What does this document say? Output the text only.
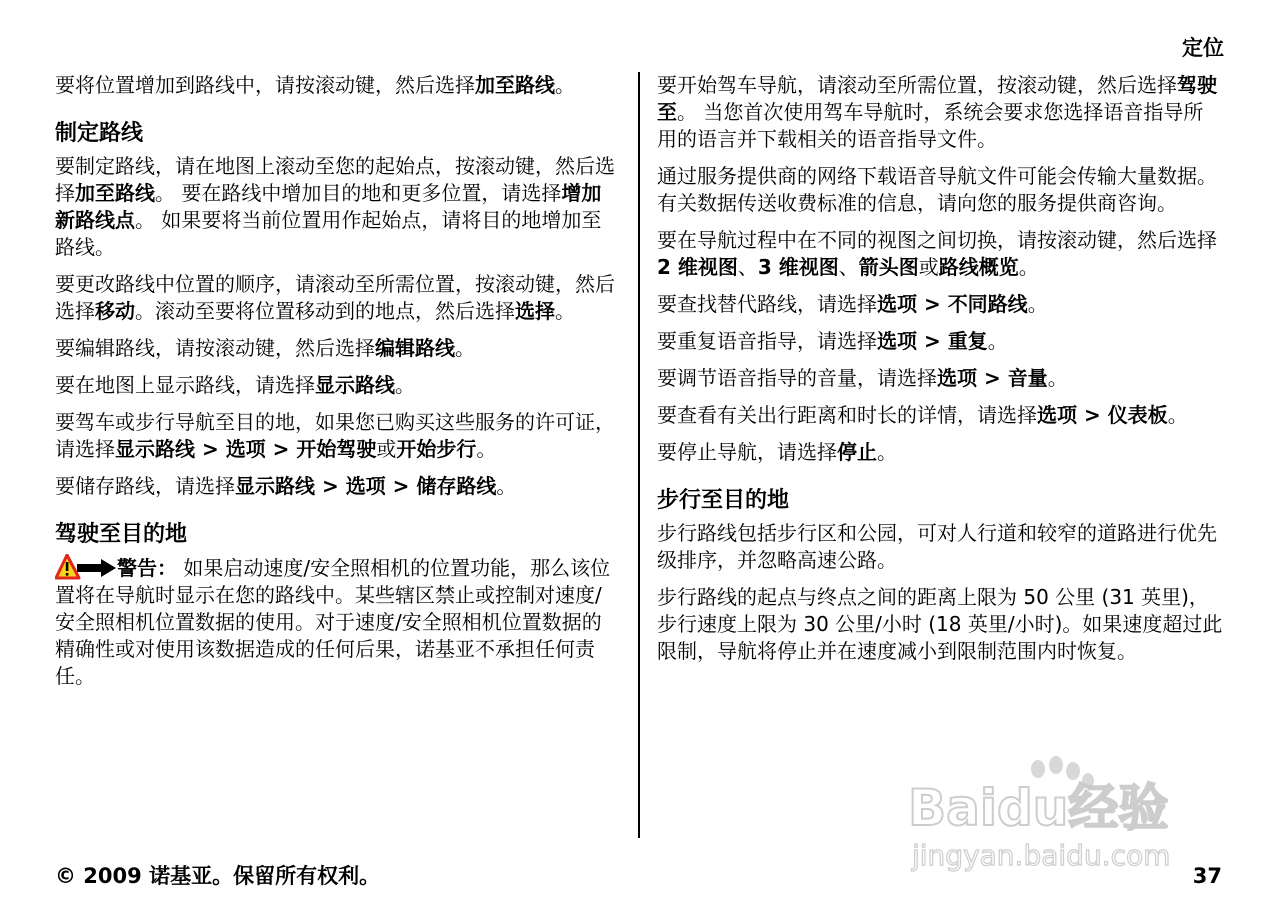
定位

要将位置增加到路线中，请按滚动键，然后选择加至路线。

制定路线

要制定路线，请在地图上滚动至您的起始点，按滚动键，然后选择加至路线。 要在路线中增加目的地和更多位置，请选择增加新路线点。 如果要将当前位置用作起始点，请将目的地增加至路线。

要更改路线中位置的顺序，请滚动至所需位置，按滚动键，然后选择移动。滚动至要将位置移动到的地点，然后选择选择。

要编辑路线，请按滚动键，然后选择编辑路线。

要在地图上显示路线，请选择显示路线。

要驾车或步行导航至目的地，如果您已购买这些服务的许可证，请选择显示路线 > 选项 > 开始驾驶或开始步行。

要储存路线，请选择显示路线 > 选项 > 储存路线。

驾驶至目的地

警告： 如果启动速度/安全照相机的位置功能，那么该位置将在导航时显示在您的路线中。某些辖区禁止或控制对速度/安全照相机位置数据的使用。对于速度/安全照相机位置数据的精确性或对使用该数据造成的任何后果，诺基亚不承担任何责任。

要开始驾车导航，请滚动至所需位置，按滚动键，然后选择驾驶至。 当您首次使用驾车导航时，系统会要求您选择语音指导所用的语言并下载相关的语音指导文件。

通过服务提供商的网络下载语音导航文件可能会传输大量数据。有关数据传送收费标准的信息，请向您的服务提供商咨询。

要在导航过程中在不同的视图之间切换，请按滚动键，然后选择 2 维视图、3 维视图、箭头图或路线概览。

要查找替代路线，请选择选项 > 不同路线。

要重复语音指导，请选择选项 > 重复。

要调节语音指导的音量，请选择选项 > 音量。

要查看有关出行距离和时长的详情，请选择选项 > 仪表板。

要停止导航，请选择停止。

步行至目的地

步行路线包括步行区和公园，可对人行道和较窄的道路进行优先级排序，并忽略高速公路。

步行路线的起点与终点之间的距离上限为 50 公里 (31 英里)，步行速度上限为 30 公里/小时 (18 英里/小时)。如果速度超过此限制，导航将停止并在速度减小到限制范围内时恢复。

Baidu经验
jingyan.baidu.com
© 2009 诺基亚。保留所有权利。	37
